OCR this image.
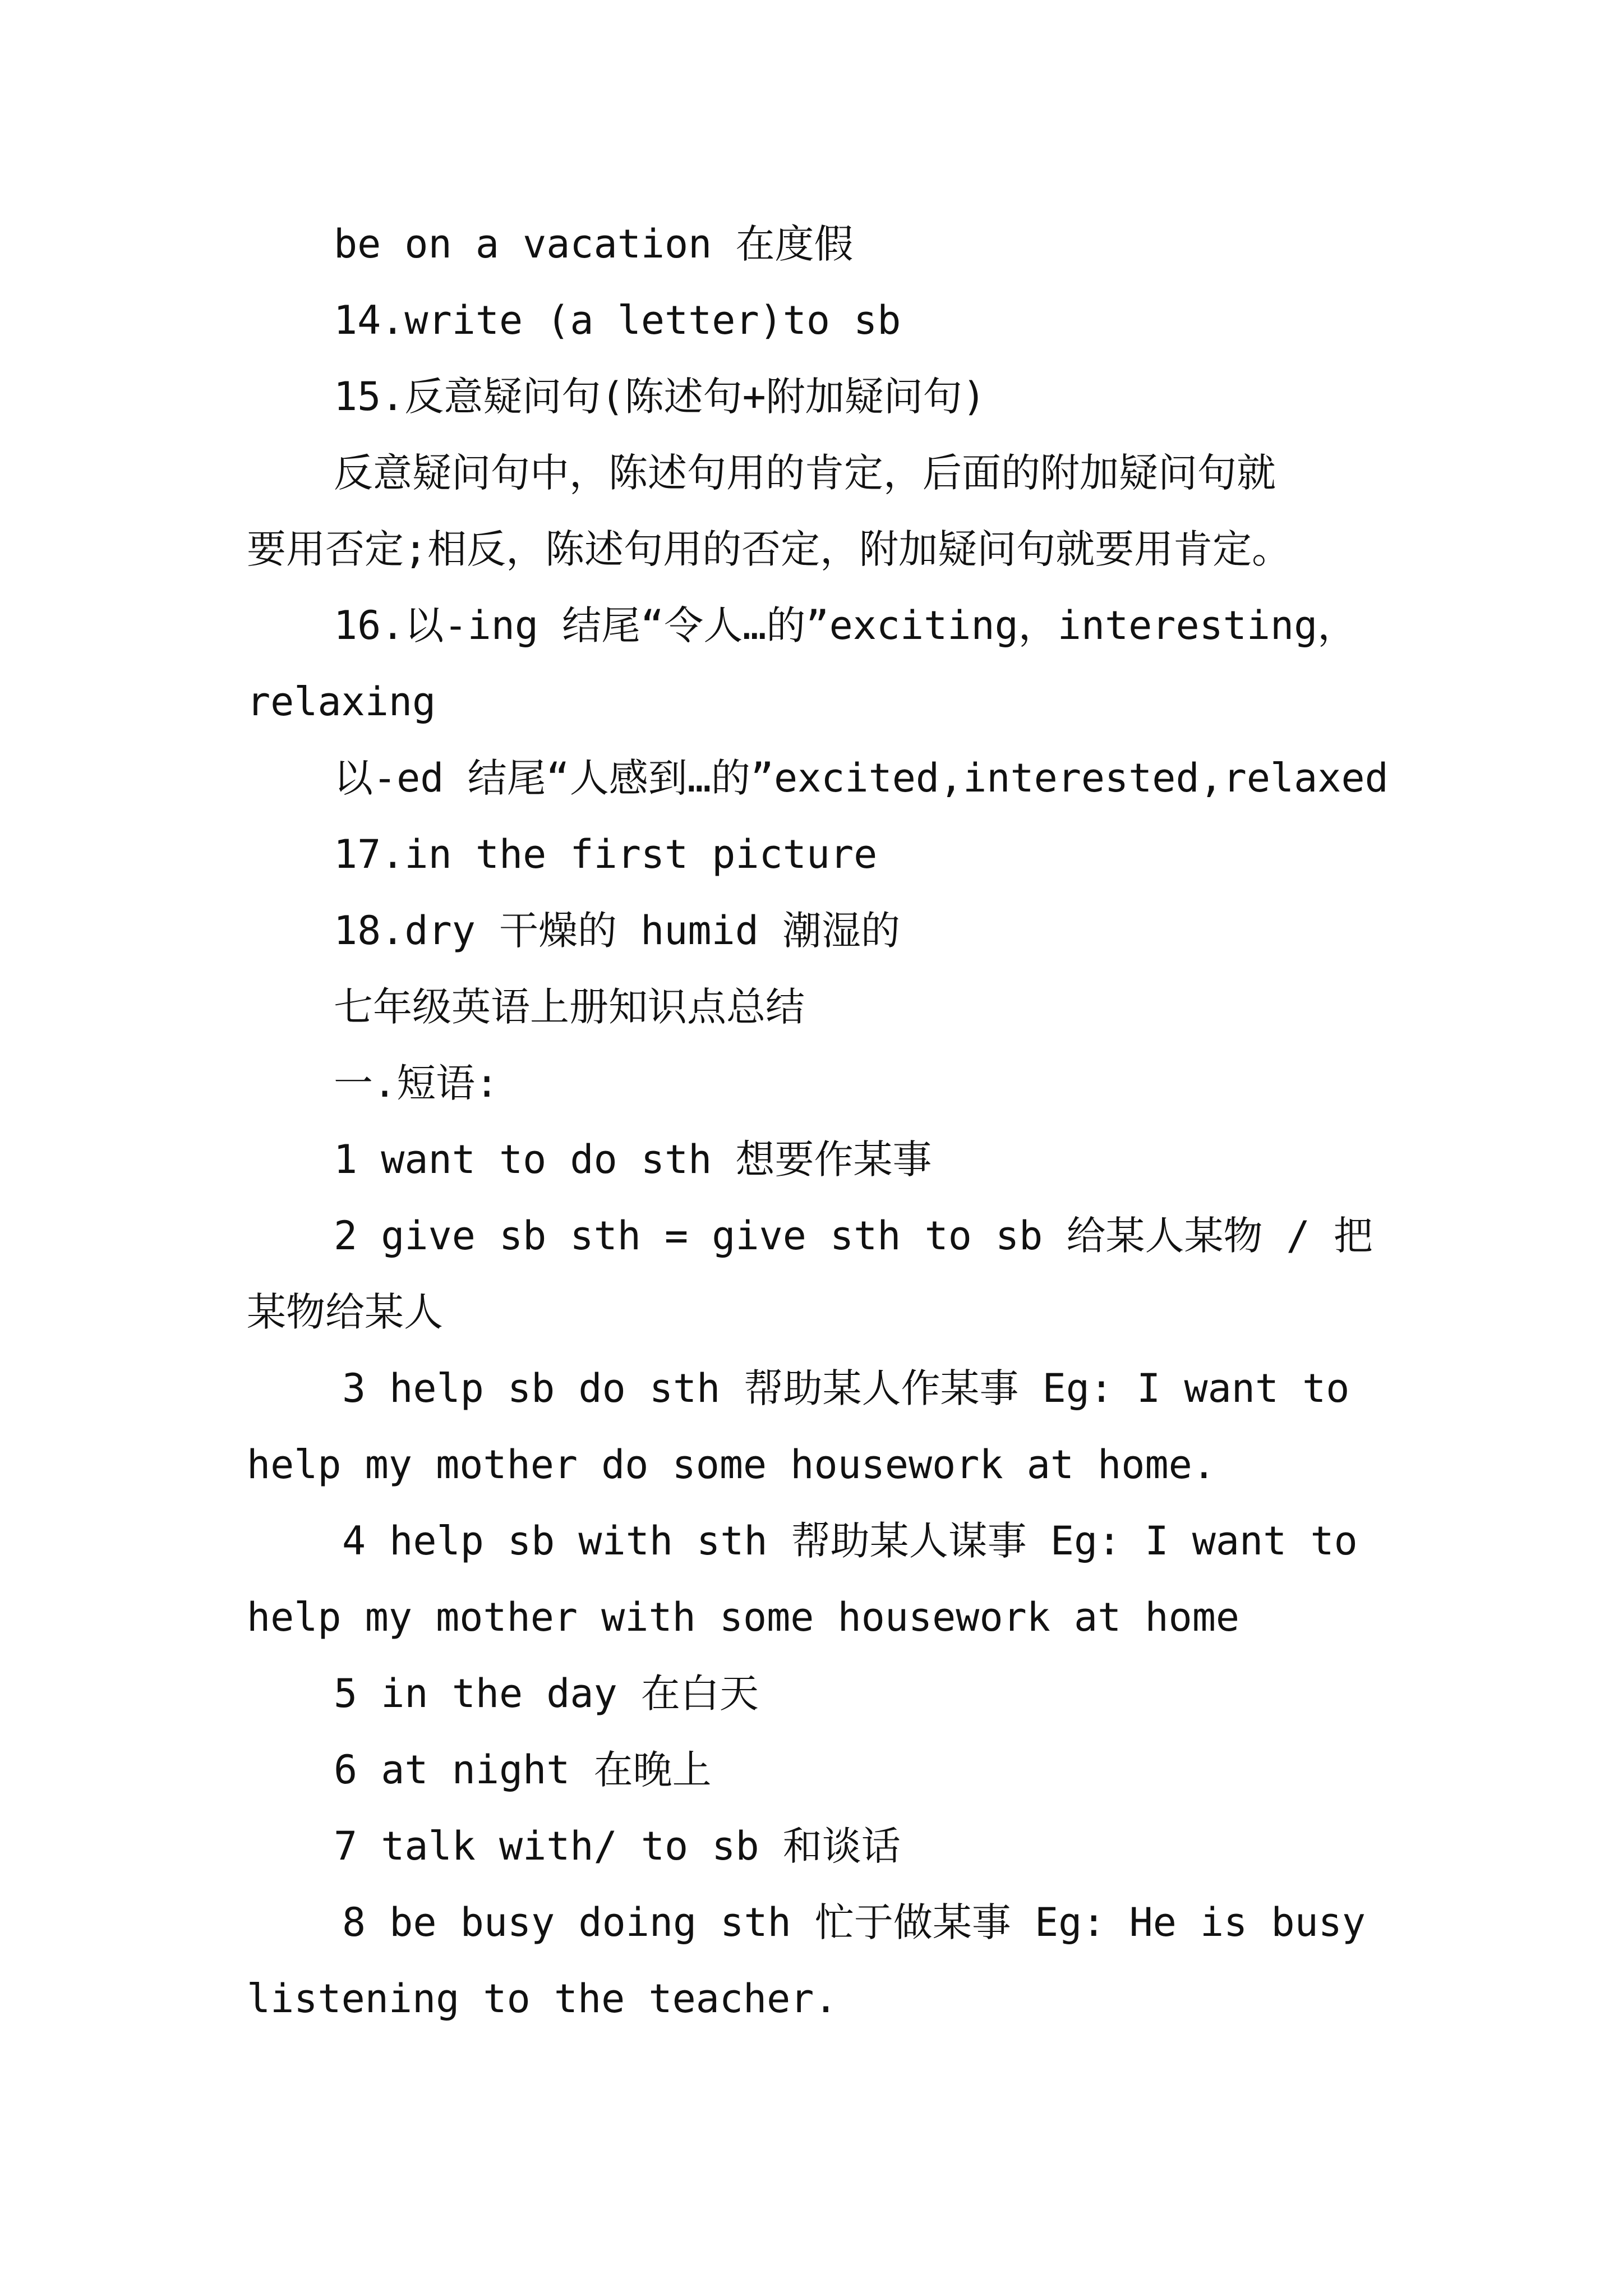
be on a vacation 在度假
14.write (a letter)to sb
15.反意疑问句(陈述句+附加疑问句)
反意疑问句中，陈述句用的肯定，后面的附加疑问句就
要用否定;相反，陈述句用的否定，附加疑问句就要用肯定。
16.以-ing 结尾“令人…的”exciting，interesting，
relaxing
以-ed 结尾“人感到…的”excited,interested,relaxed
17.in the first picture
18.dry 干燥的 humid 潮湿的
七年级英语上册知识点总结
一.短语:
1 want to do sth 想要作某事
2 give sb sth = give sth to sb 给某人某物 / 把
某物给某人
3 help sb do sth 帮助某人作某事 Eg: I want to
help my mother do some housework at home.
4 help sb with sth 帮助某人谋事 Eg: I want to
help my mother with some housework at home
5 in the day 在白天
6 at night 在晚上
7 talk with/ to sb 和谈话
8 be busy doing sth 忙于做某事 Eg: He is busy
listening to the teacher.
